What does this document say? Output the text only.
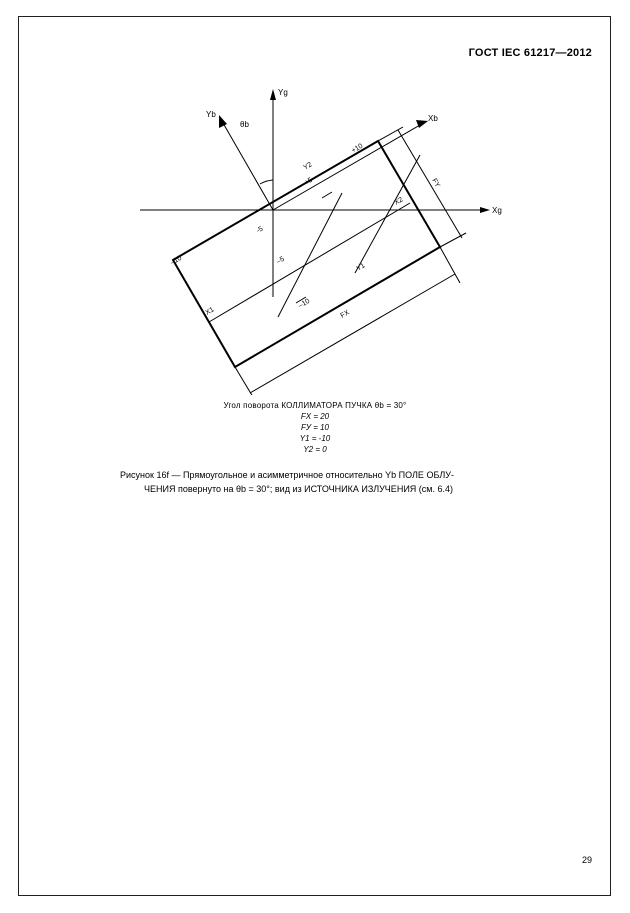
ГОСТ IEC 61217—2012
Yg
Xg
Yb	Xb
θb
Y2
+10
+5
-5
–5
–10
–10
X1
X2
Y1
FX
FY
Угол поворота КОЛЛИМАТОРА ПУЧКА θb = 30°
FX = 20
FУ = 10
Y1 = -10
Y2 = 0
Рисунок 16f — Прямоугольное и асимметричное относительно Yb ПОЛЕ ОБЛУ-
ЧЕНИЯ повернуто на θb = 30°; вид из ИСТОЧНИКА ИЗЛУЧЕНИЯ (см. 6.4)
29
